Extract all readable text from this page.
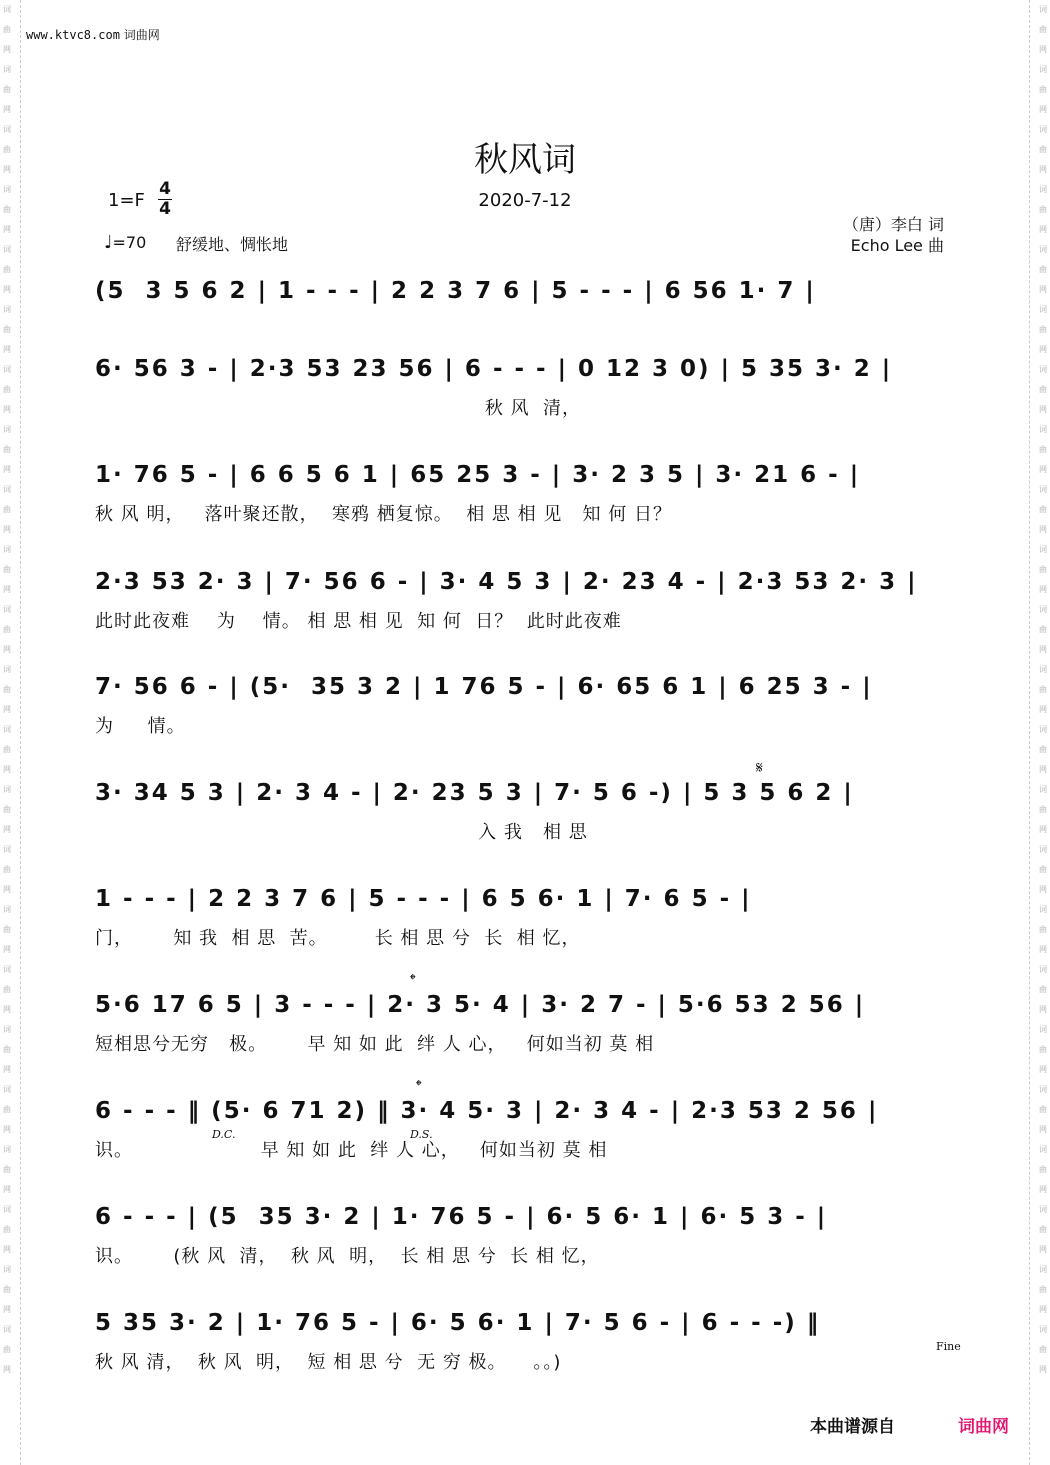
词曲网词曲网词曲网词曲网词曲网词曲网词曲网词曲网词曲网词曲网词曲网词曲网词曲网词曲网词曲网词曲网词曲网词曲网词曲网词曲网词曲网词曲网词曲网
词曲网词曲网词曲网词曲网词曲网词曲网词曲网词曲网词曲网词曲网词曲网词曲网词曲网词曲网词曲网词曲网词曲网词曲网词曲网词曲网词曲网词曲网词曲网
www.ktvc8.com 词曲网
秋风词
2020-7-12
1=F
4
4
♩=70 舒缓地、惆怅地
（唐）李白 词
Echo Lee 曲
(5  3 5 6 2 | 1 - - - | 2 2 3 7 6 | 5 - - - | 6 56 1· 7 |
6· 56 3 - | 2·3 53 23 56 | 6 - - - | 0 12 3 0) | 5 35 3· 2 |
秋 风  清，
1· 76 5 - | 6 6 5 6 1 | 65 25 3 - | 3· 2 3 5 | 3· 21 6 - |
秋 风 明，   落叶聚还散，  寒鸦 栖复惊。  相 思 相 见   知 何 日？
2·3 53 2· 3 | 7· 56 6 - | 3· 4 5 3 | 2· 23 4 - | 2·3 53 2· 3 |
此时此夜难    为    情。 相 思 相 见  知 何  日？  此时此夜难
7· 56 6 - | (5·  35 3 2 | 1 76 5 - | 6· 65 6 1 | 6 25 3 - |
为     情。
3· 34 5 3 | 2· 3 4 - | 2· 23 5 3 | 7· 5 6 -) | 5 3 5 6 2 |
入 我   相 思
1 - - - | 2 2 3 7 6 | 5 - - - | 6 5 6· 1 | 7· 6 5 - |
门，      知 我  相 思  苦。       长 相 思 兮  长  相 忆，
5·6 17 6 5 | 3 - - - | 2· 3 5· 4 | 3· 2 7 - | 5·6 53 2 56 |
短相思兮无穷   极。      早 知 如 此  绊 人 心，   何如当初 莫 相
6 - - - ‖ (5· 6 71 2) ‖ 3· 4 5· 3 | 2· 3 4 - | 2·3 53 2 56 |
识。                   早 知 如 此  绊 人 心，   何如当初 莫 相
6 - - - | (5  35 3· 2 | 1· 76 5 - | 6· 5 6· 1 | 6· 5 3 - |
识。      (秋 风  清，  秋 风  明，  长 相 思 兮  长 相 忆，
5 35 3· 2 | 1· 76 5 - | 6· 5 6· 1 | 7· 5 6 - | 6 - - -) ‖
秋 风 清，  秋 风  明，  短 相 思 兮  无 穷 极。    。。)
𝄋
𝄌
𝄌
D.C.	D.S.
Fine
本曲谱源自	词曲网
